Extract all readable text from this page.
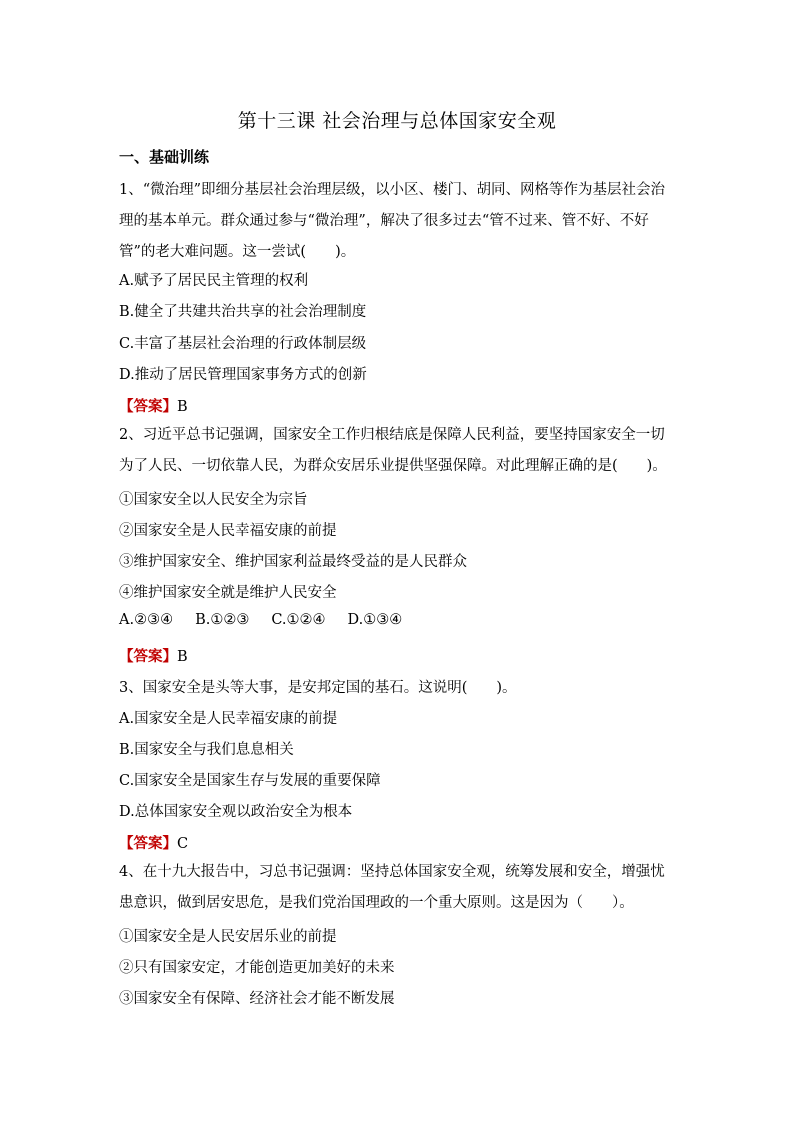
第十三课 社会治理与总体国家安全观
一、基础训练
1、“微治理”即细分基层社会治理层级，以小区、楼门、胡同、网格等作为基层社会治理的基本单元。群众通过参与“微治理”，解决了很多过去“管不过来、管不好、不好管”的老大难问题。这一尝试(　　)。
A.赋予了居民民主管理的权利
B.健全了共建共治共享的社会治理制度
C.丰富了基层社会治理的行政体制层级
D.推动了居民管理国家事务方式的创新
【答案】B
2、习近平总书记强调，国家安全工作归根结底是保障人民利益，要坚持国家安全一切为了人民、一切依靠人民，为群众安居乐业提供坚强保障。对此理解正确的是(　　)。
①国家安全以人民安全为宗旨
②国家安全是人民幸福安康的前提
③维护国家安全、维护国家利益最终受益的是人民群众
④维护国家安全就是维护人民安全
A.②③④ B.①②③ C.①②④ D.①③④
【答案】B
3、国家安全是头等大事，是安邦定国的基石。这说明(　　)。
A.国家安全是人民幸福安康的前提
B.国家安全与我们息息相关
C.国家安全是国家生存与发展的重要保障
D.总体国家安全观以政治安全为根本
【答案】C
4、在十九大报告中，习总书记强调：坚持总体国家安全观，统筹发展和安全，增强忧患意识，做到居安思危，是我们党治国理政的一个重大原则。这是因为（　　）。
①国家安全是人民安居乐业的前提
②只有国家安定，才能创造更加美好的未来
③国家安全有保障、经济社会才能不断发展
